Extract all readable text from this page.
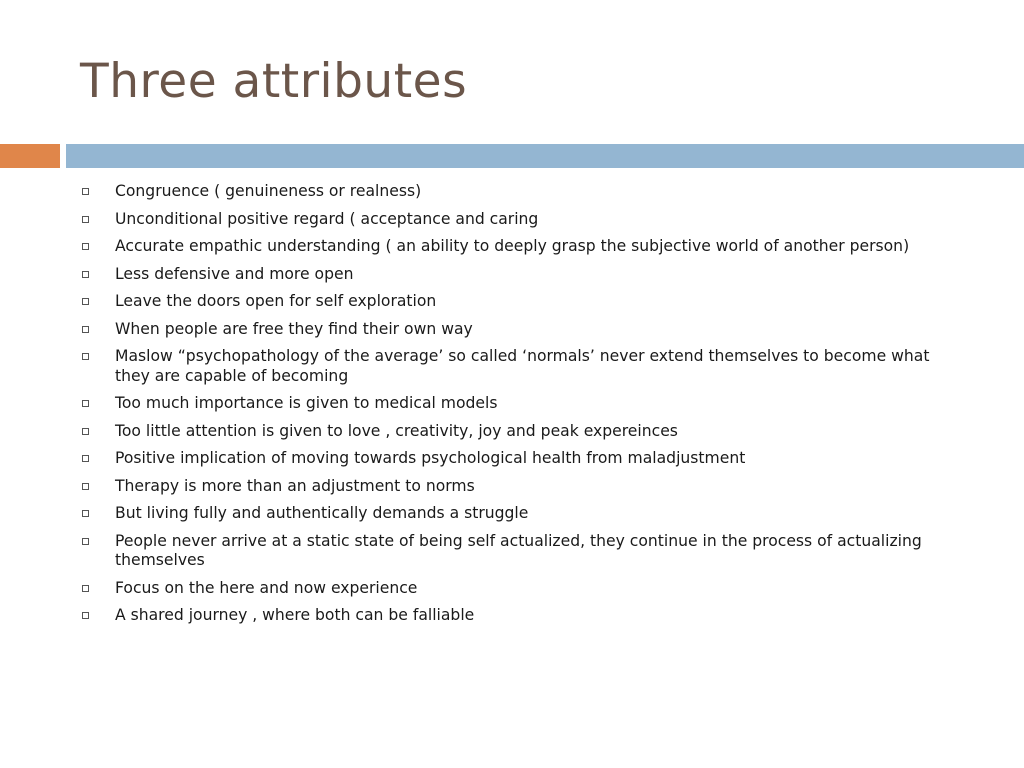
Three attributes
Congruence ( genuineness or realness)
Unconditional positive regard ( acceptance and caring
Accurate empathic understanding ( an ability to deeply grasp the subjective world of another person)
Less defensive and more open
Leave the doors open for self exploration
When people are free they find their own way
Maslow “psychopathology of the average’ so called ‘normals’ never extend themselves to become what they are capable of becoming
Too much importance is given to medical models
Too little attention is given to love , creativity, joy and peak expereinces
Positive implication of moving towards psychological health from maladjustment
Therapy is more than an adjustment to norms
But living fully and authentically demands a struggle
People never arrive at a static state of being self actualized, they continue in the process of actualizing themselves
Focus on the here and now experience
A shared journey , where both can be falliable
